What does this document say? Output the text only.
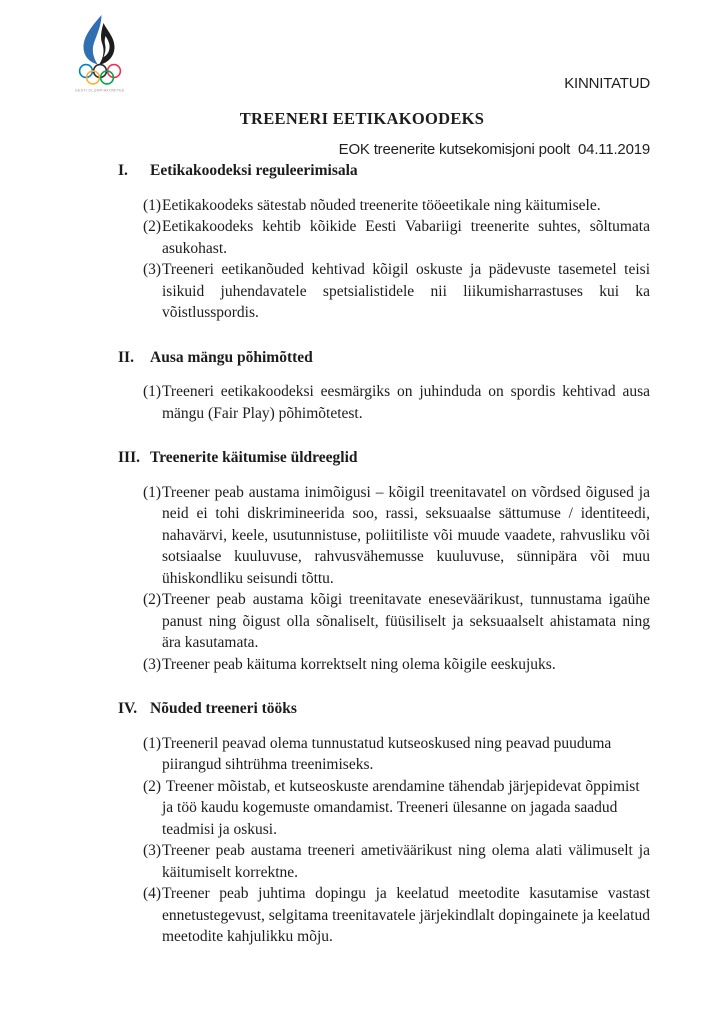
EESTI OLÜMPIAKOMITEE

	KINNITATUD

EOK treenerite kutsekomisjoni poolt  04.11.2019

TREENERI EETIKAKOODEKS
I.	Eetikakoodeksi reguleerimisala

(1) Eetikakoodeks sätestab nõuded treenerite tööeetikale ning käitumisele.

(2) Eetikakoodeks kehtib kõikide Eesti Vabariigi treenerite suhtes, sõltumata asukohast.

(3) Treeneri eetikanõuded kehtivad kõigil oskuste ja pädevuste tasemetel teisi isikuid juhendavatele spetsialistidele nii liikumisharrastuses kui ka võistlusspordis.

II.	Ausa mängu põhimõtted

(1) Treeneri eetikakoodeksi eesmärgiks on juhinduda on spordis kehtivad ausa mängu (Fair Play) põhimõtetest.

III. Treenerite käitumise üldreeglid

(1) Treener peab austama inimõigusi – kõigil treenitavatel on võrdsed õigused ja neid ei tohi diskrimineerida soo, rassi, seksuaalse sättumuse / identiteedi, nahavärvi, keele, usutunnistuse, poliitiliste või muude vaadete, rahvusliku või sotsiaalse kuuluvuse, rahvusvähemusse kuuluvuse, sünnipära või muu ühiskondliku seisundi tõttu.

(2) Treener peab austama kõigi treenitavate eneseväärikust, tunnustama igaühe panust ning õigust olla sõnaliselt, füüsiliselt ja seksuaalselt ahistamata ning ära kasutamata.

(3) Treener peab käituma korrektselt ning olema kõigile eeskujuks.

IV. Nõuded treeneri tööks

(1) Treeneril peavad olema tunnustatud kutseoskused ning peavad puuduma piirangud sihtrühma treenimiseks.

(2) Treener mõistab, et kutseoskuste arendamine tähendab järjepidevat õppimist ja töö kaudu kogemuste omandamist. Treeneri ülesanne on jagada saadud teadmisi ja oskusi.

(3) Treener peab austama treeneri ametiväärikust ning olema alati välimuselt ja käitumiselt korrektne.

(4) Treener peab juhtima dopingu ja keelatud meetodite kasutamise vastast ennetustegevust, selgitama treenitavatele järjekindlalt dopingainete ja keelatud meetodite kahjulikku mõju.
